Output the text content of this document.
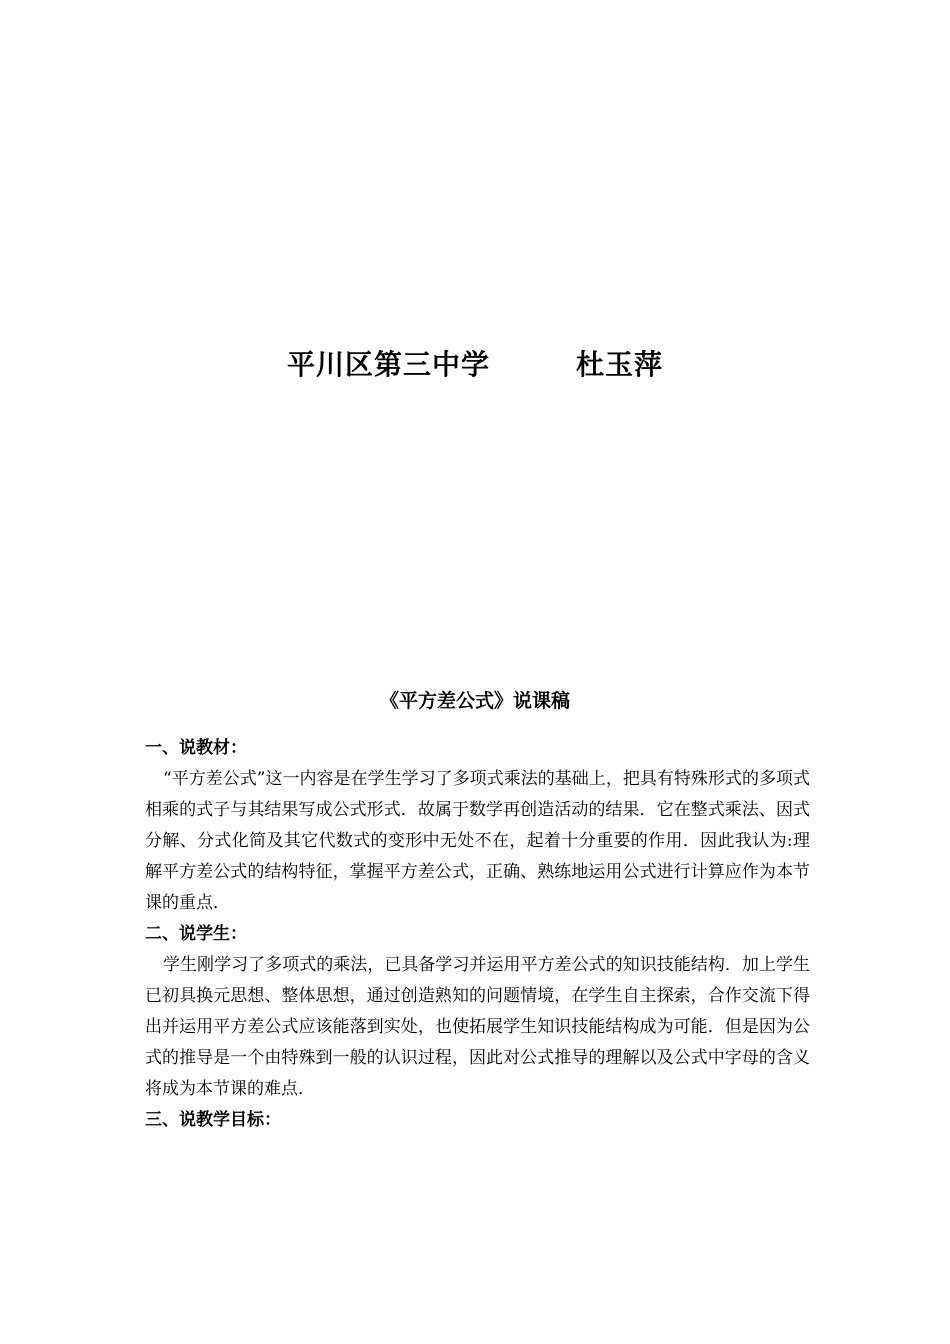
平川区第三中学	杜玉萍
《平方差公式》说课稿
一、说教材：

“平方差公式”这一内容是在学生学习了多项式乘法的基础上，把具有特殊形式的多项式相乘的式子与其结果写成公式形式．故属于数学再创造活动的结果．它在整式乘法、因式分解、分式化简及其它代数式的变形中无处不在，起着十分重要的作用．因此我认为:理解平方差公式的结构特征，掌握平方差公式，正确、熟练地运用公式进行计算应作为本节课的重点．

二、说学生：

学生刚学习了多项式的乘法，已具备学习并运用平方差公式的知识技能结构．加上学生已初具换元思想、整体思想，通过创造熟知的问题情境，在学生自主探索，合作交流下得出并运用平方差公式应该能落到实处，也使拓展学生知识技能结构成为可能．但是因为公式的推导是一个由特殊到一般的认识过程，因此对公式推导的理解以及公式中字母的含义将成为本节课的难点．

三、说教学目标：
